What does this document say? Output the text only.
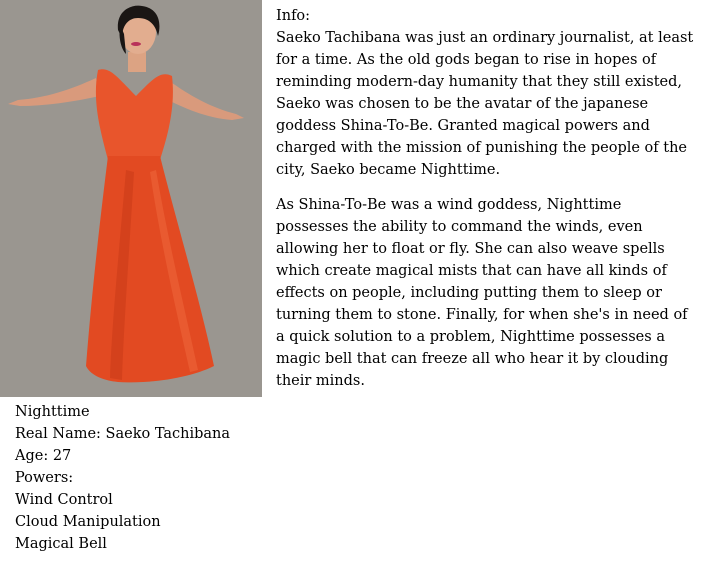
Nighttime
Real Name: Saeko Tachibana
Age: 27
Powers:
Wind Control
Cloud Manipulation
Magical Bell

Info:

Saeko Tachibana was just an ordinary journalist, at least for a time. As the old gods began to rise in hopes of reminding modern-day humanity that they still existed, Saeko was chosen to be the avatar of the japanese goddess Shina-To-Be. Granted magical powers and charged with the mission of punishing the people of the city, Saeko became Nighttime.

As Shina-To-Be was a wind goddess, Nighttime possesses the ability to command the winds, even allowing her to float or fly. She can also weave spells which create magical mists that can have all kinds of effects on people, including putting them to sleep or turning them to stone. Finally, for when she's in need of a quick solution to a problem, Nighttime possesses a magic bell that can freeze all who hear it by clouding their minds.
